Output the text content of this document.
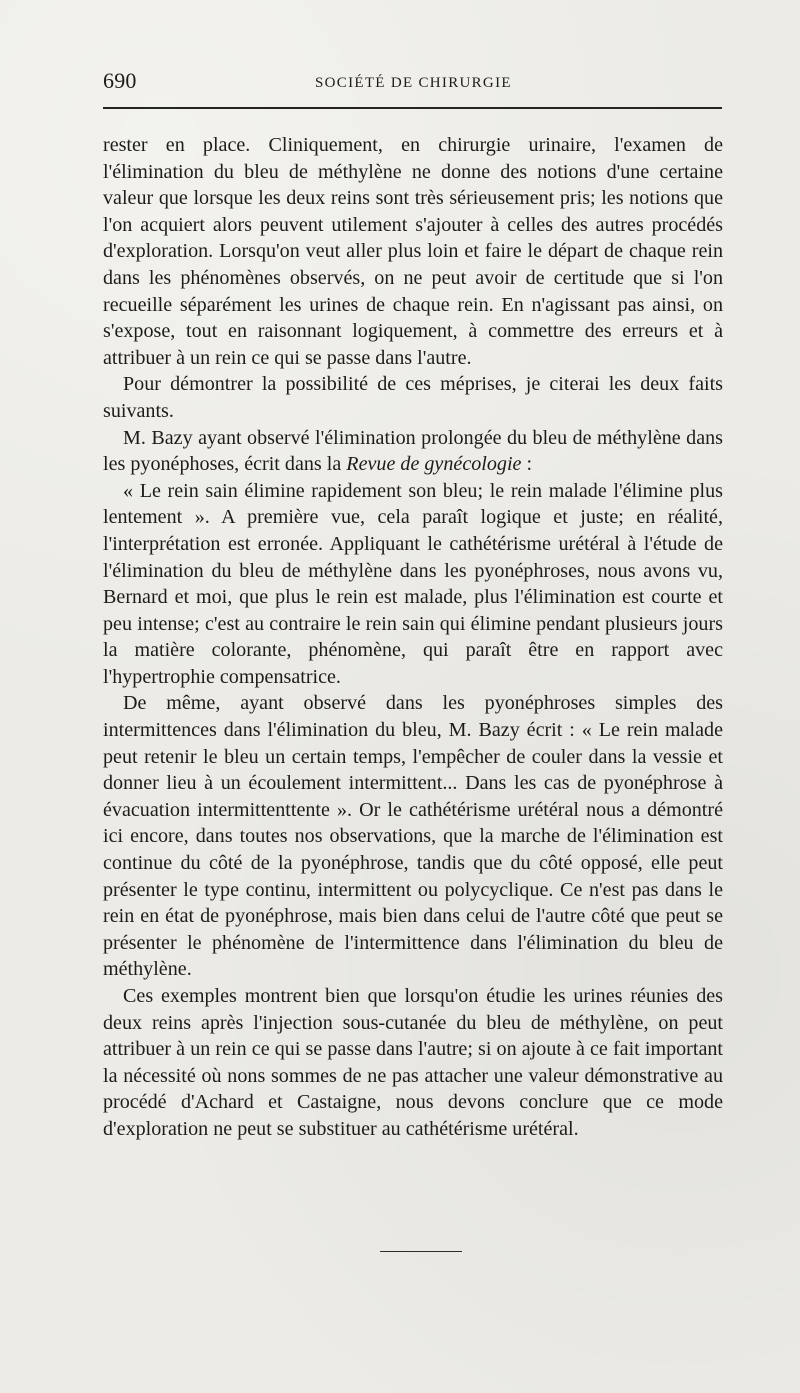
690	SOCIÉTÉ DE CHIRURGIE

rester en place. Cliniquement, en chirurgie urinaire, l'examen de l'élimination du bleu de méthylène ne donne des notions d'une certaine valeur que lorsque les deux reins sont très sérieusement pris; les notions que l'on acquiert alors peuvent utilement s'ajouter à celles des autres procédés d'exploration. Lorsqu'on veut aller plus loin et faire le départ de chaque rein dans les phénomènes observés, on ne peut avoir de certitude que si l'on recueille séparément les urines de chaque rein. En n'agissant pas ainsi, on s'expose, tout en raisonnant logiquement, à commettre des erreurs et à attribuer à un rein ce qui se passe dans l'autre.

Pour démontrer la possibilité de ces méprises, je citerai les deux faits suivants.

M. Bazy ayant observé l'élimination prolongée du bleu de méthylène dans les pyonéphoses, écrit dans la Revue de gynécologie :

« Le rein sain élimine rapidement son bleu; le rein malade l'élimine plus lentement ». A première vue, cela paraît logique et juste; en réalité, l'interprétation est erronée. Appliquant le cathétérisme urétéral à l'étude de l'élimination du bleu de méthylène dans les pyonéphroses, nous avons vu, Bernard et moi, que plus le rein est malade, plus l'élimination est courte et peu intense; c'est au contraire le rein sain qui élimine pendant plusieurs jours la matière colorante, phénomène, qui paraît être en rapport avec l'hypertrophie compensatrice.

De même, ayant observé dans les pyonéphroses simples des intermittences dans l'élimination du bleu, M. Bazy écrit : « Le rein malade peut retenir le bleu un certain temps, l'empêcher de couler dans la vessie et donner lieu à un écoulement intermittent... Dans les cas de pyonéphrose à évacuation intermittenttente ». Or le cathétérisme urétéral nous a démontré ici encore, dans toutes nos observations, que la marche de l'élimination est continue du côté de la pyonéphrose, tandis que du côté opposé, elle peut présenter le type continu, intermittent ou polycyclique. Ce n'est pas dans le rein en état de pyonéphrose, mais bien dans celui de l'autre côté que peut se présenter le phénomène de l'intermittence dans l'élimination du bleu de méthylène.

Ces exemples montrent bien que lorsqu'on étudie les urines réunies des deux reins après l'injection sous-cutanée du bleu de méthylène, on peut attribuer à un rein ce qui se passe dans l'autre; si on ajoute à ce fait important la nécessité où nons sommes de ne pas attacher une valeur démonstrative au procédé d'Achard et Castaigne, nous devons conclure que ce mode d'exploration ne peut se substituer au cathétérisme urétéral.
